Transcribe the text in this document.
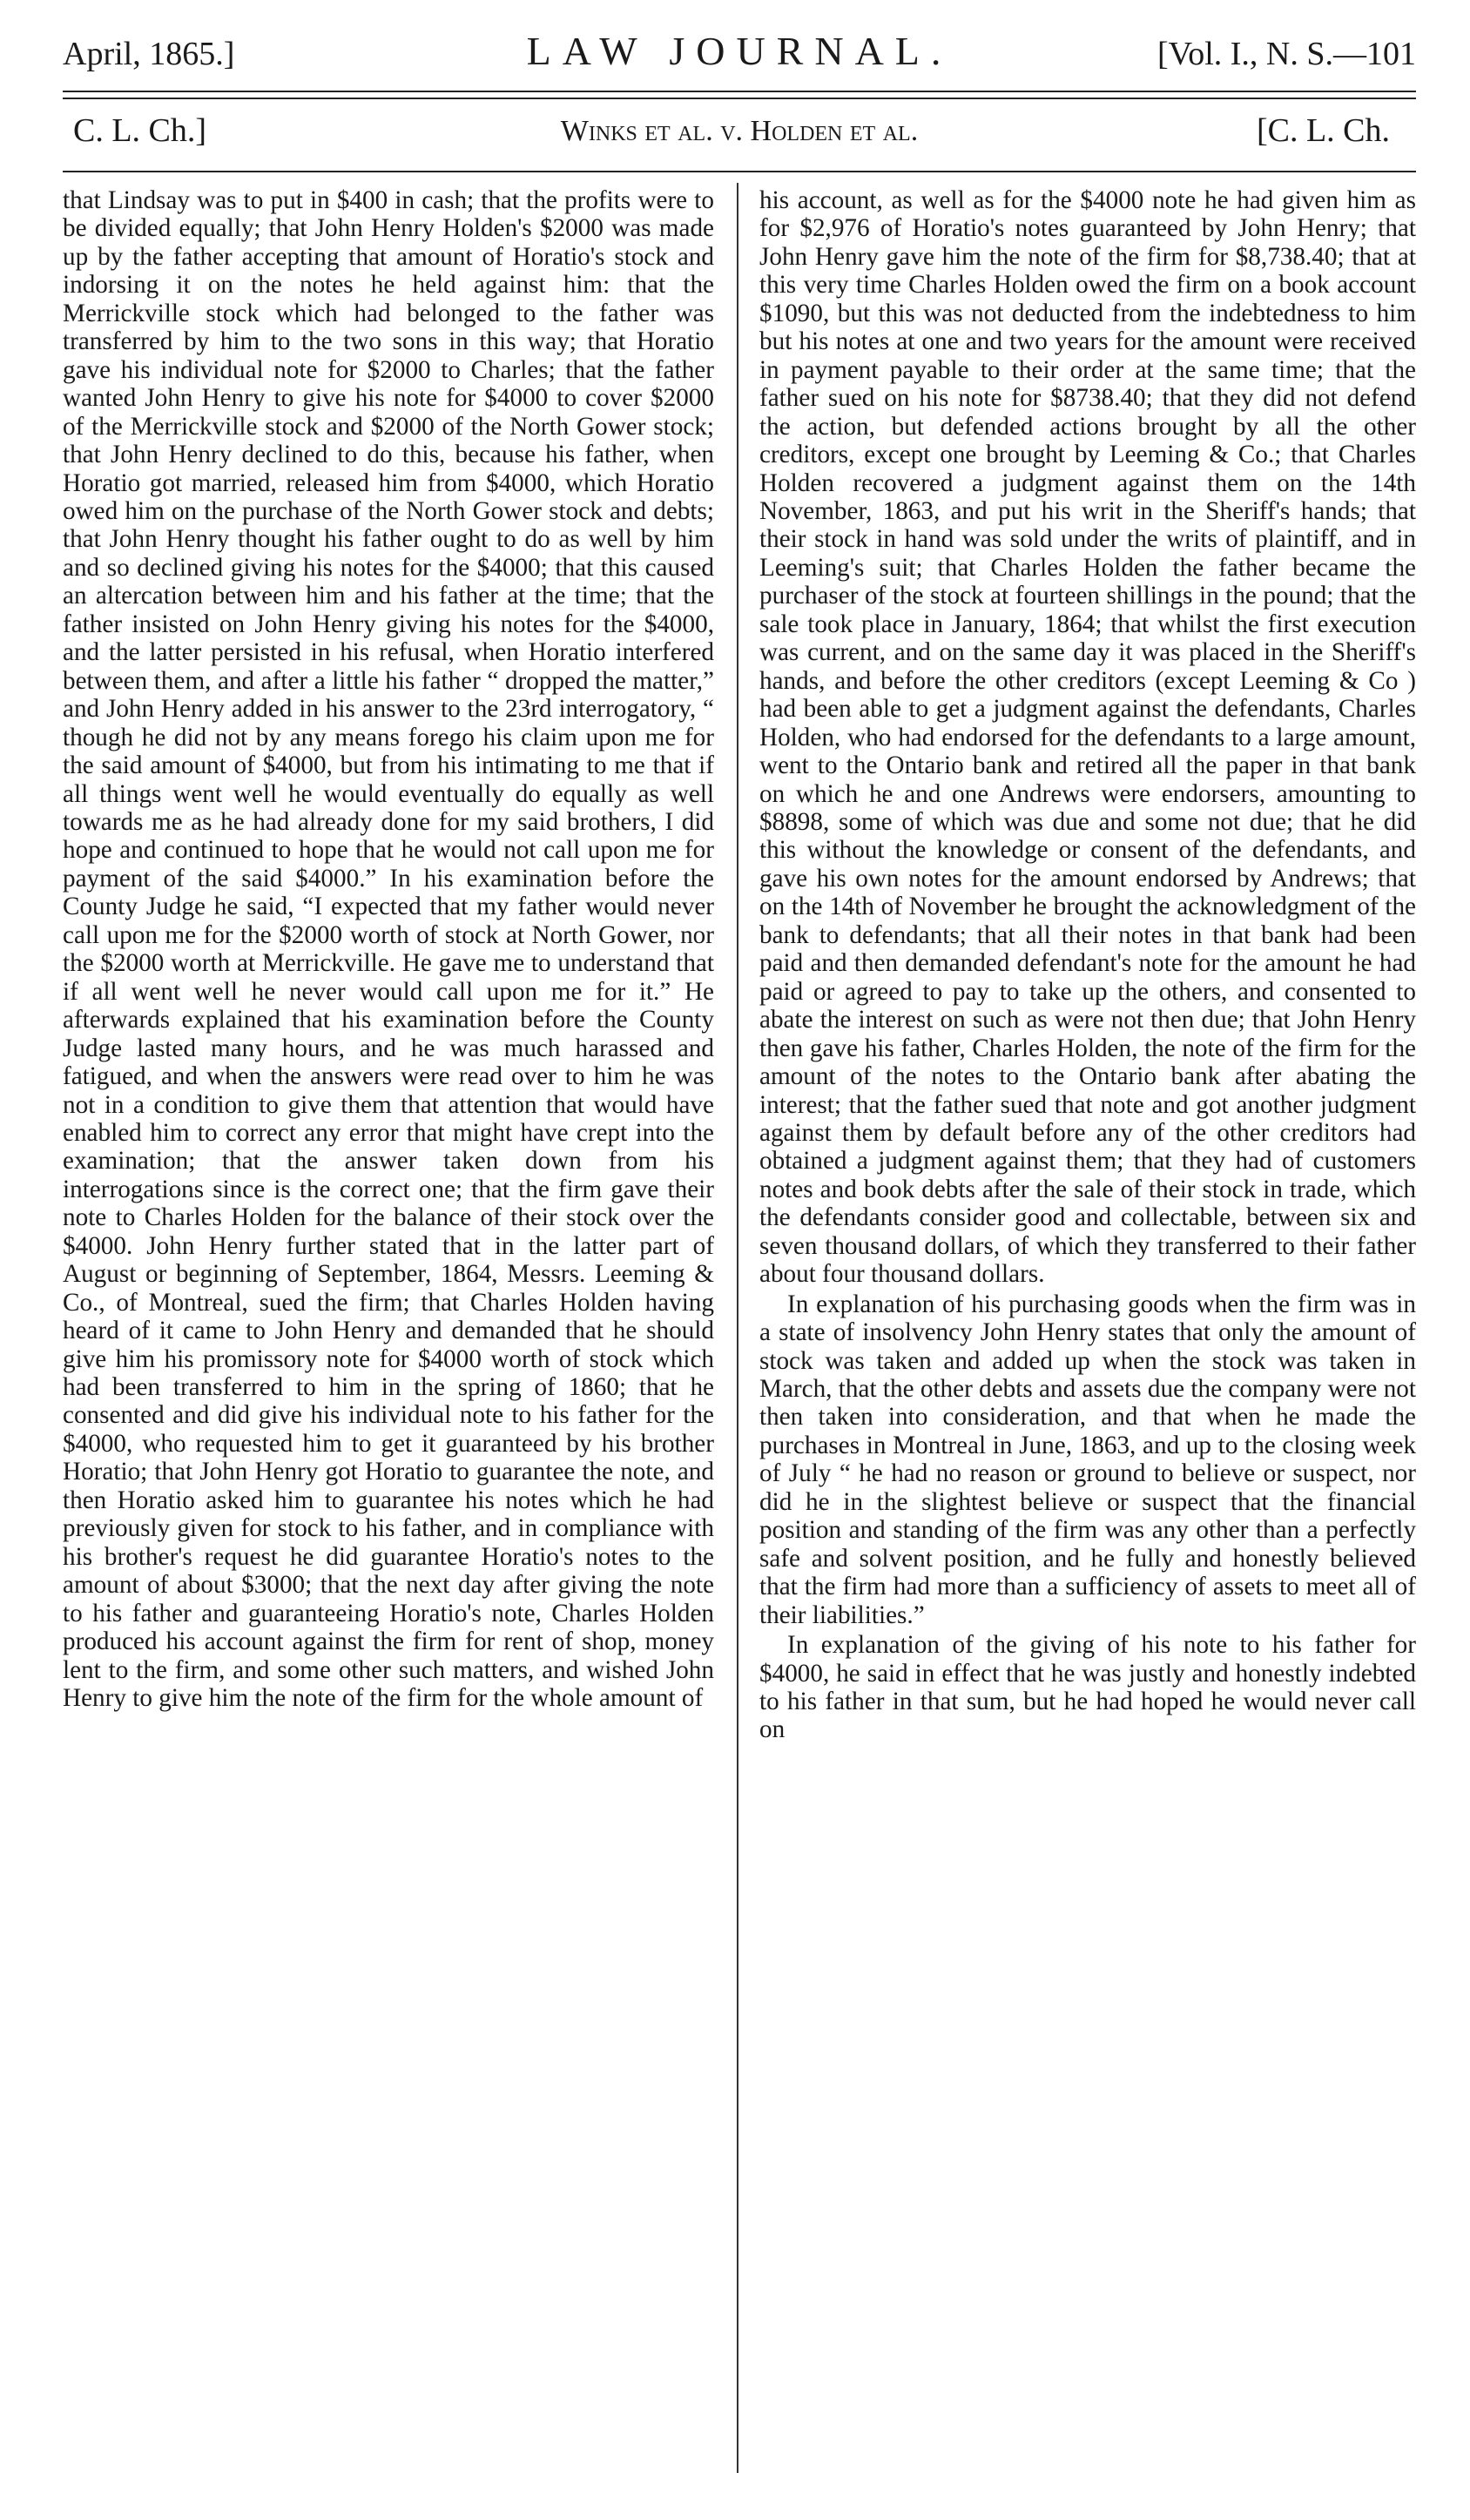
April, 1865.]	LAW JOURNAL.	[Vol. I., N. S.—101
C. L. Ch.]	Winks et al. v. Holden et al.	[C. L. Ch.

that Lindsay was to put in $400 in cash; that the profits were to be divided equally; that John Henry Holden's $2000 was made up by the father accepting that amount of Horatio's stock and indorsing it on the notes he held against him: that the Merrickville stock which had belonged to the father was transferred by him to the two sons in this way; that Horatio gave his individual note for $2000 to Charles; that the father wanted John Henry to give his note for $4000 to cover $2000 of the Merrickville stock and $2000 of the North Gower stock; that John Henry declined to do this, because his father, when Horatio got married, released him from $4000, which Horatio owed him on the purchase of the North Gower stock and debts; that John Henry thought his father ought to do as well by him and so declined giving his notes for the $4000; that this caused an altercation between him and his father at the time; that the father insisted on John Henry giving his notes for the $4000, and the latter persisted in his refusal, when Horatio interfered between them, and after a little his father “ dropped the matter,” and John Henry added in his answer to the 23rd interrogatory, “ though he did not by any means forego his claim upon me for the said amount of $4000, but from his intimating to me that if all things went well he would eventually do equally as well towards me as he had already done for my said brothers, I did hope and continued to hope that he would not call upon me for payment of the said $4000.” In his examination before the County Judge he said, “I expected that my father would never call upon me for the $2000 worth of stock at North Gower, nor the $2000 worth at Merrickville. He gave me to understand that if all went well he never would call upon me for it.” He afterwards explained that his examination before the County Judge lasted many hours, and he was much harassed and fatigued, and when the answers were read over to him he was not in a condition to give them that attention that would have enabled him to correct any error that might have crept into the examination; that the answer taken down from his interrogations since is the correct one; that the firm gave their note to Charles Holden for the balance of their stock over the $4000. John Henry further stated that in the latter part of August or beginning of September, 1864, Messrs. Leeming & Co., of Montreal, sued the firm; that Charles Holden having heard of it came to John Henry and demanded that he should give him his promissory note for $4000 worth of stock which had been transferred to him in the spring of 1860; that he consented and did give his individual note to his father for the $4000, who requested him to get it guaranteed by his brother Horatio; that John Henry got Horatio to guarantee the note, and then Horatio asked him to guarantee his notes which he had previously given for stock to his father, and in compliance with his brother's request he did guarantee Horatio's notes to the amount of about $3000; that the next day after giving the note to his father and guaranteeing Horatio's note, Charles Holden produced his account against the firm for rent of shop, money lent to the firm, and some other such matters, and wished John Henry to give him the note of the firm for the whole amount of

his account, as well as for the $4000 note he had given him as for $2,976 of Horatio's notes guaranteed by John Henry; that John Henry gave him the note of the firm for $8,738.40; that at this very time Charles Holden owed the firm on a book account $1090, but this was not deducted from the indebtedness to him but his notes at one and two years for the amount were received in payment payable to their order at the same time; that the father sued on his note for $8738.40; that they did not defend the action, but defended actions brought by all the other creditors, except one brought by Leeming & Co.; that Charles Holden recovered a judgment against them on the 14th November, 1863, and put his writ in the Sheriff's hands; that their stock in hand was sold under the writs of plaintiff, and in Leeming's suit; that Charles Holden the father became the purchaser of the stock at fourteen shillings in the pound; that the sale took place in January, 1864; that whilst the first execution was current, and on the same day it was placed in the Sheriff's hands, and before the other creditors (except Leeming & Co ) had been able to get a judgment against the defendants, Charles Holden, who had endorsed for the defendants to a large amount, went to the Ontario bank and retired all the paper in that bank on which he and one Andrews were endorsers, amounting to $8898, some of which was due and some not due; that he did this without the knowledge or consent of the defendants, and gave his own notes for the amount endorsed by Andrews; that on the 14th of November he brought the acknowledgment of the bank to defendants; that all their notes in that bank had been paid and then demanded defendant's note for the amount he had paid or agreed to pay to take up the others, and consented to abate the interest on such as were not then due; that John Henry then gave his father, Charles Holden, the note of the firm for the amount of the notes to the Ontario bank after abating the interest; that the father sued that note and got another judgment against them by default before any of the other creditors had obtained a judgment against them; that they had of customers notes and book debts after the sale of their stock in trade, which the defendants consider good and collectable, between six and seven thousand dollars, of which they transferred to their father about four thousand dollars.

In explanation of his purchasing goods when the firm was in a state of insolvency John Henry states that only the amount of stock was taken and added up when the stock was taken in March, that the other debts and assets due the company were not then taken into consideration, and that when he made the purchases in Montreal in June, 1863, and up to the closing week of July “ he had no reason or ground to believe or suspect, nor did he in the slightest believe or suspect that the financial position and standing of the firm was any other than a perfectly safe and solvent position, and he fully and honestly believed that the firm had more than a sufficiency of assets to meet all of their liabilities.”

In explanation of the giving of his note to his father for $4000, he said in effect that he was justly and honestly indebted to his father in that sum, but he had hoped he would never call on
